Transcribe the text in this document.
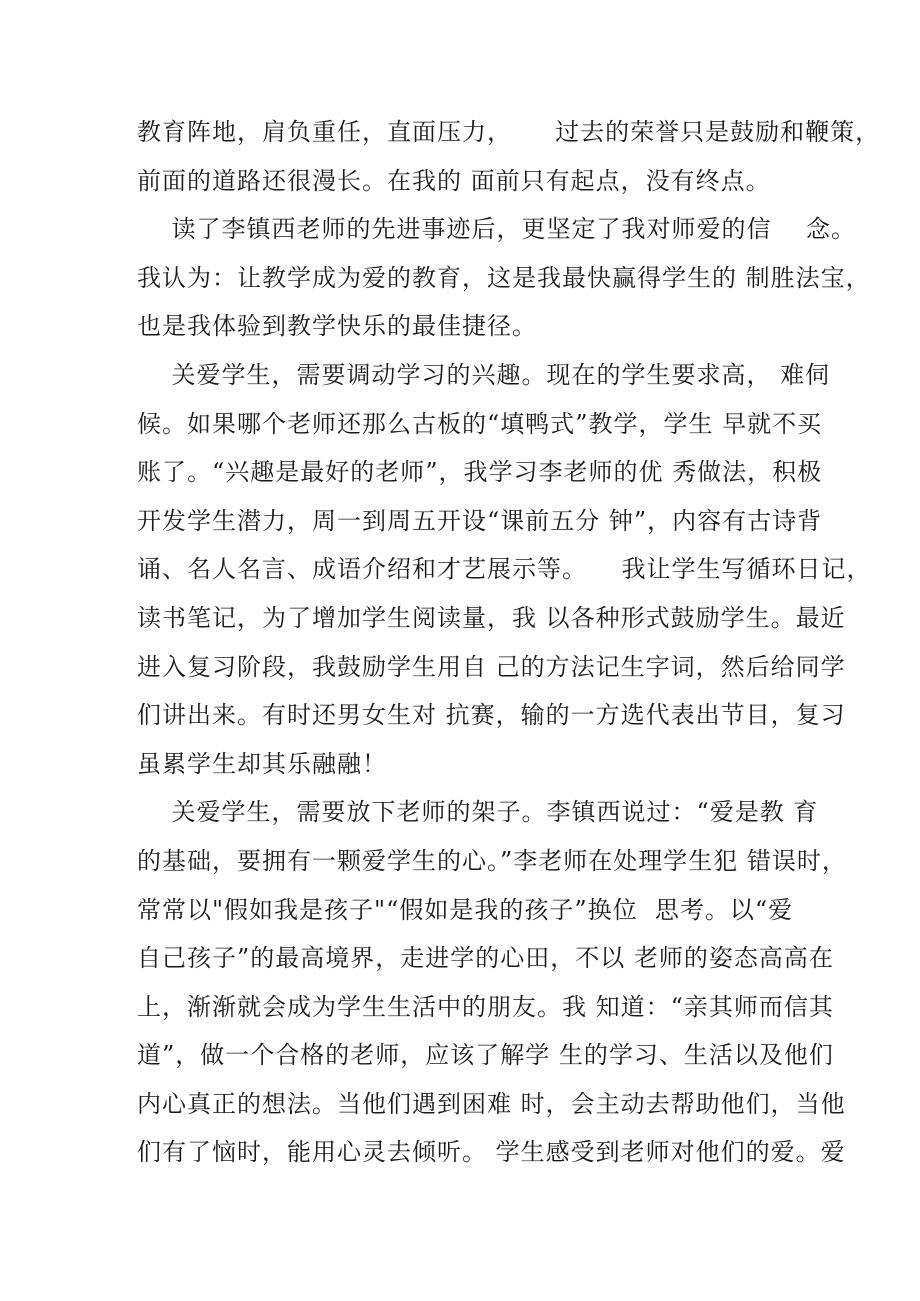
教育阵地，肩负重任，直面压力，     过去的荣誉只是鼓励和鞭策，
前面的道路还很漫长。在我的 面前只有起点，没有终点。
读了李镇西老师的先进事迹后，更坚定了我对师爱的信    念。
我认为：让教学成为爱的教育，这是我最快赢得学生的 制胜法宝，
也是我体验到教学快乐的最佳捷径。
关爱学生，需要调动学习的兴趣。现在的学生要求高， 难伺
候。如果哪个老师还那么古板的“填鸭式”教学，学生 早就不买
账了。“兴趣是最好的老师”，我学习李老师的优 秀做法，积极
开发学生潜力，周一到周五开设“课前五分 钟”，内容有古诗背
诵、名人名言、成语介绍和才艺展示等。    我让学生写循环日记，
读书笔记，为了增加学生阅读量，我 以各种形式鼓励学生。最近
进入复习阶段，我鼓励学生用自 己的方法记生字词，然后给同学
们讲出来。有时还男女生对 抗赛，输的一方选代表出节目，复习
虽累学生却其乐融融！
关爱学生，需要放下老师的架子。李镇西说过：“爱是教 育
的基础，要拥有一颗爱学生的心。”李老师在处理学生犯 错误时，
常常以"假如我是孩子"“假如是我的孩子”换位  思考。以“爱
自己孩子”的最高境界，走进学的心田，不以 老师的姿态高高在
上，渐渐就会成为学生生活中的朋友。我 知道：“亲其师而信其
道”，做一个合格的老师，应该了解学 生的学习、生活以及他们
内心真正的想法。当他们遇到困难 时，会主动去帮助他们，当他
们有了恼时，能用心灵去倾听。 学生感受到老师对他们的爱。爱
